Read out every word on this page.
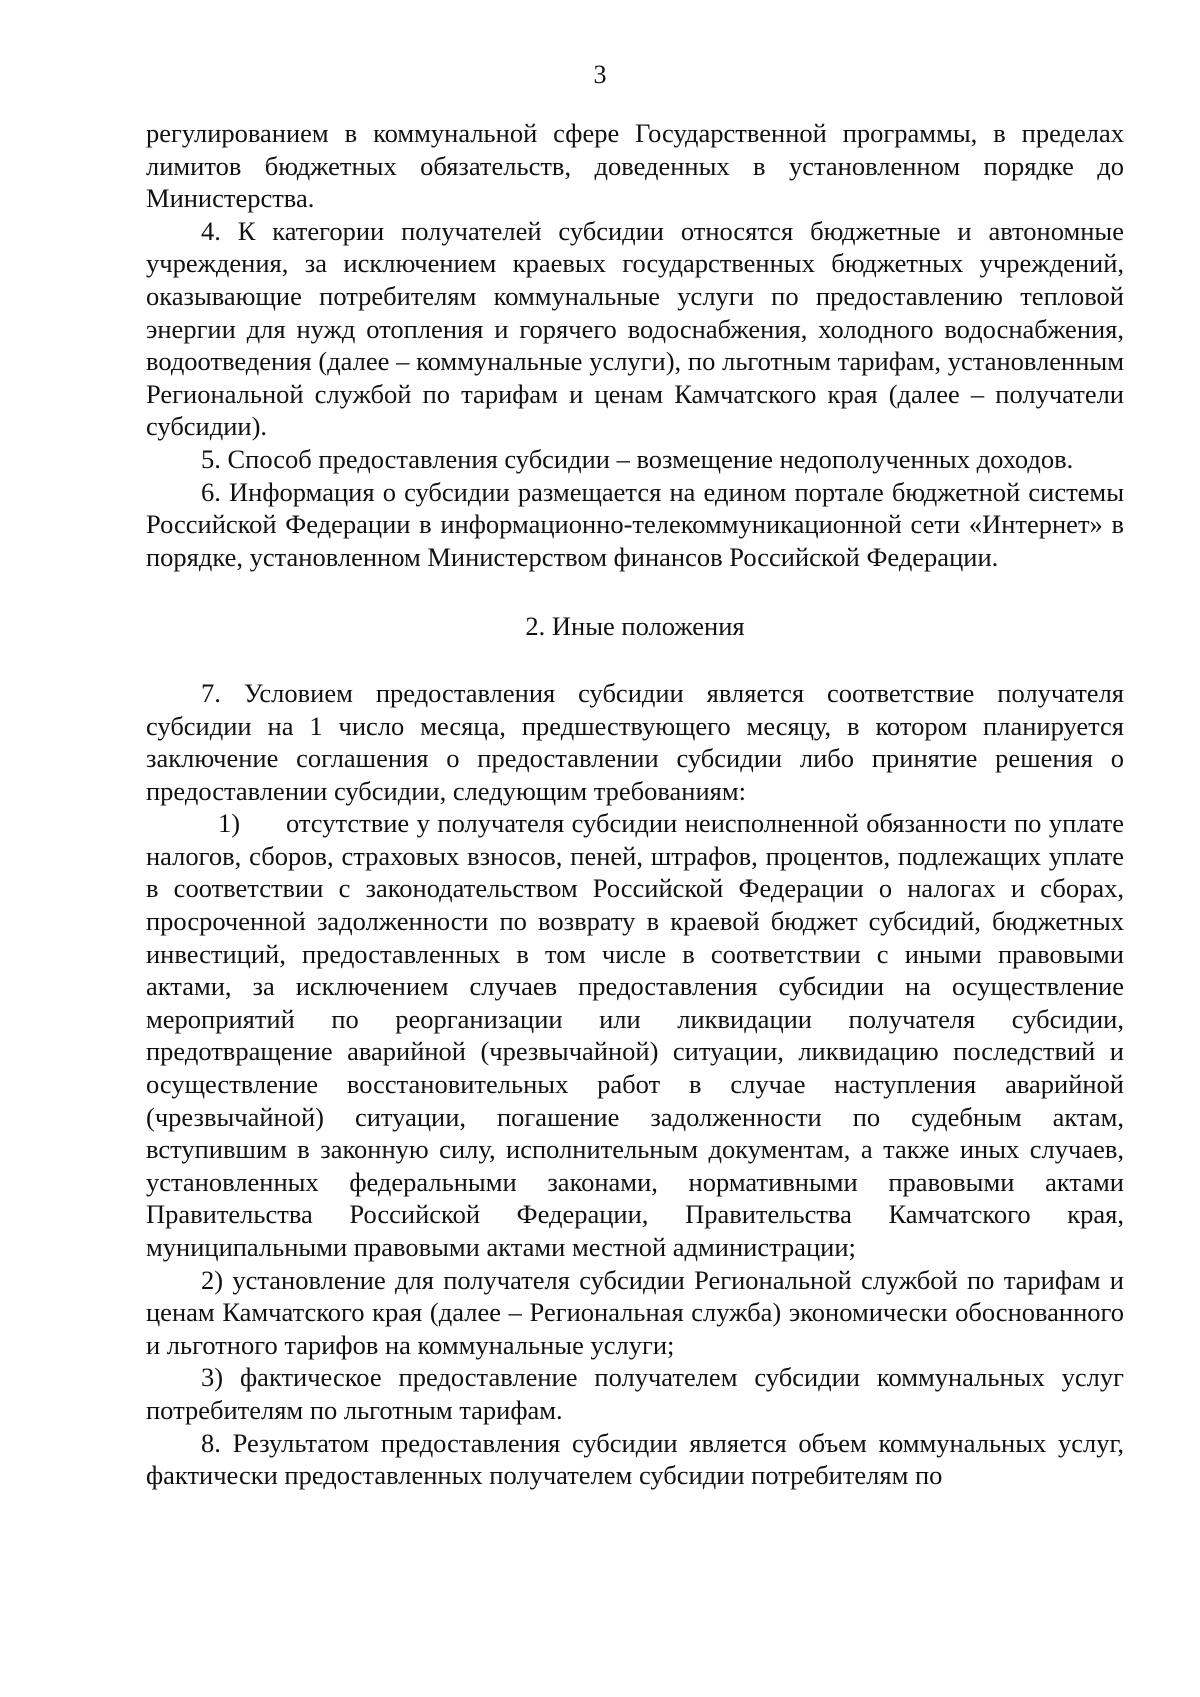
3

регулированием в коммунальной сфере Государственной программы, в пределах лимитов бюджетных обязательств, доведенных в установленном порядке до Министерства.

4. К категории получателей субсидии относятся бюджетные и автономные учреждения, за исключением краевых государственных бюджетных учреждений, оказывающие потребителям коммунальные услуги по предоставлению тепловой энергии для нужд отопления и горячего водоснабжения, холодного водоснабжения, водоотведения (далее – коммунальные услуги), по льготным тарифам, установленным Региональной службой по тарифам и ценам Камчатского края (далее – получатели субсидии).

5. Способ предоставления субсидии – возмещение недополученных доходов.

6. Информация о субсидии размещается на едином портале бюджетной системы Российской Федерации в информационно-телекоммуникационной сети «Интернет» в порядке, установленном Министерством финансов Российской Федерации.

2. Иные положения

7. Условием предоставления субсидии является соответствие получателя субсидии на 1 число месяца, предшествующего месяцу, в котором планируется заключение соглашения о предоставлении субсидии либо принятие решения о предоставлении субсидии, следующим требованиям:

1) отсутствие у получателя субсидии неисполненной обязанности по уплате налогов, сборов, страховых взносов, пеней, штрафов, процентов, подлежащих уплате в соответствии с законодательством Российской Федерации о налогах и сборах, просроченной задолженности по возврату в краевой бюджет субсидий, бюджетных инвестиций, предоставленных в том числе в соответствии с иными правовыми актами, за исключением случаев предоставления субсидии на осуществление мероприятий по реорганизации или ликвидации получателя субсидии, предотвращение аварийной (чрезвычайной) ситуации, ликвидацию последствий и осуществление восстановительных работ в случае наступления аварийной (чрезвычайной) ситуации, погашение задолженности по судебным актам, вступившим в законную силу, исполнительным документам, а также иных случаев, установленных федеральными законами, нормативными правовыми актами Правительства Российской Федерации, Правительства Камчатского края, муниципальными правовыми актами местной администрации;

2) установление для получателя субсидии Региональной службой по тарифам и ценам Камчатского края (далее – Региональная служба) экономически обоснованного и льготного тарифов на коммунальные услуги;

3) фактическое предоставление получателем субсидии коммунальных услуг потребителям по льготным тарифам.

8. Результатом предоставления субсидии является объем коммунальных услуг, фактически предоставленных получателем субсидии потребителям по
